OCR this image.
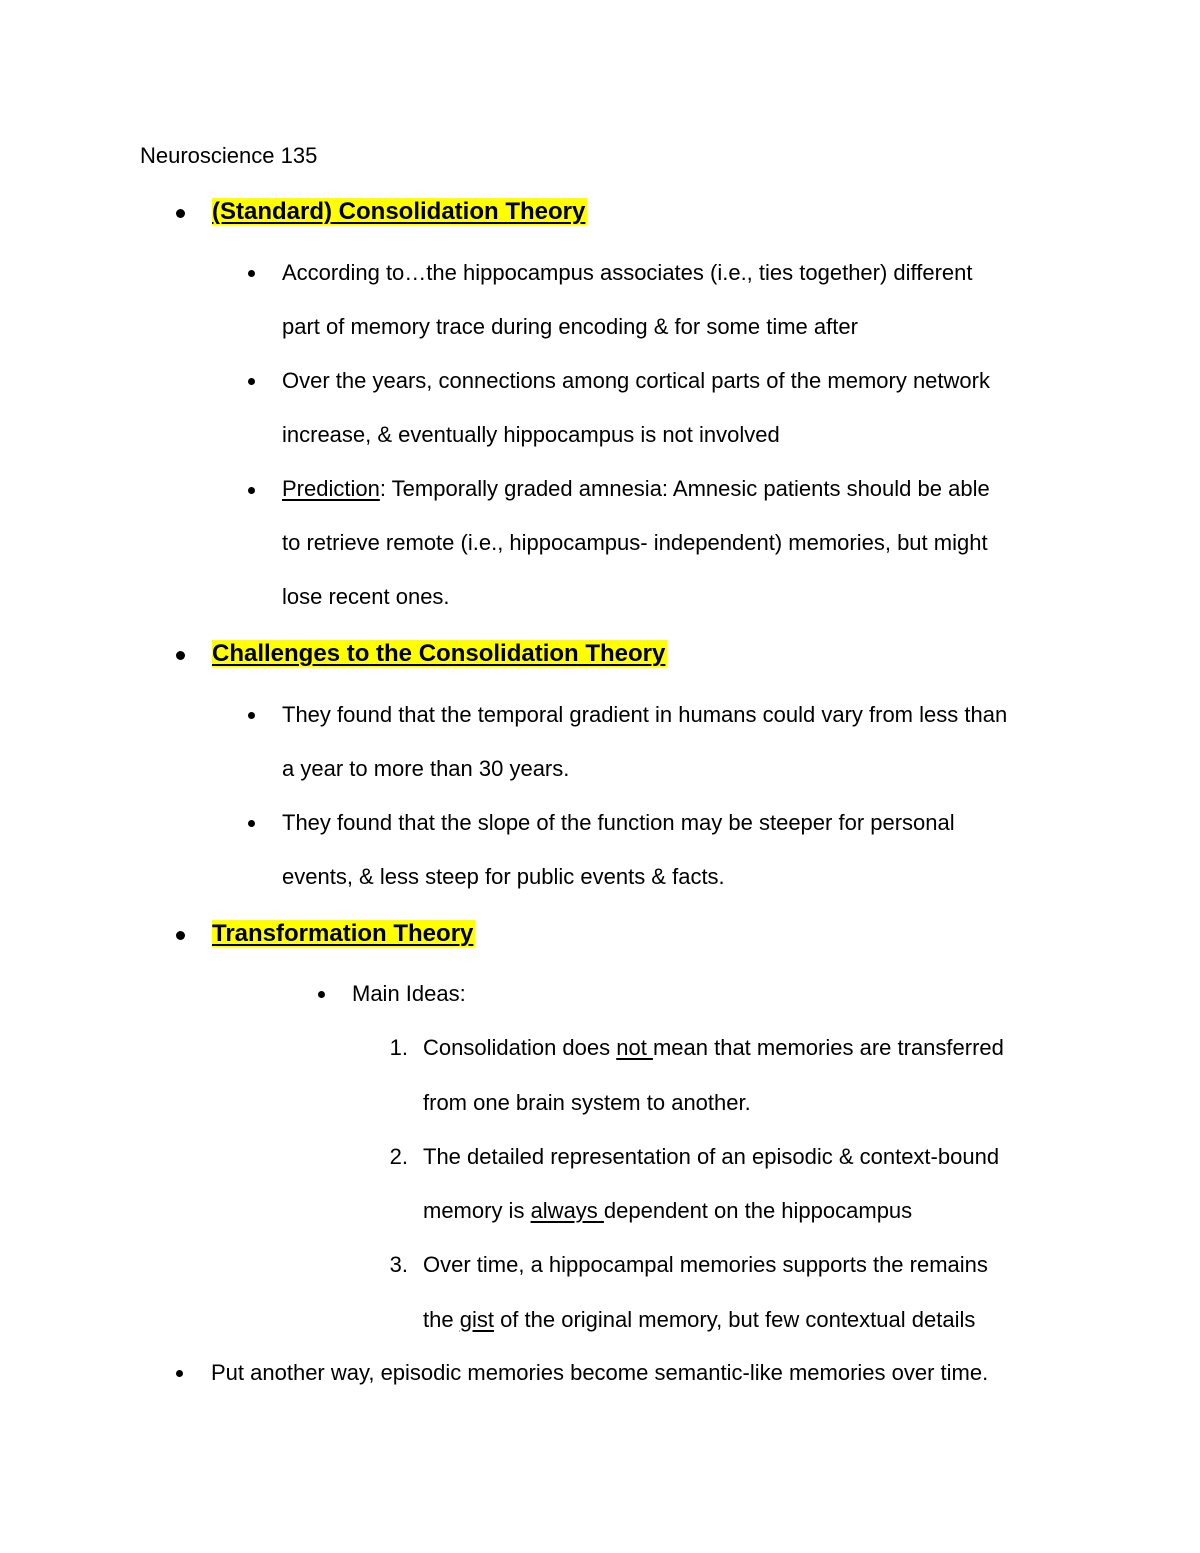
Neuroscience 135
(Standard) Consolidation Theory
According to…the hippocampus associates (i.e., ties together) different
part of memory trace during encoding & for some time after
Over the years, connections among cortical parts of the memory network
increase, & eventually hippocampus is not involved
Prediction: Temporally graded amnesia: Amnesic patients should be able
to retrieve remote (i.e., hippocampus- independent) memories, but might
lose recent ones.
Challenges to the Consolidation Theory
They found that the temporal gradient in humans could vary from less than
a year to more than 30 years.
They found that the slope of the function may be steeper for personal
events, & less steep for public events & facts.
Transformation Theory
Main Ideas:
1. Consolidation does not mean that memories are transferred
from one brain system to another.
2. The detailed representation of an episodic & context-bound
memory is always dependent on the hippocampus
3. Over time, a hippocampal memories supports the remains
the gist of the original memory, but few contextual details
Put another way, episodic memories become semantic-like memories over time.
